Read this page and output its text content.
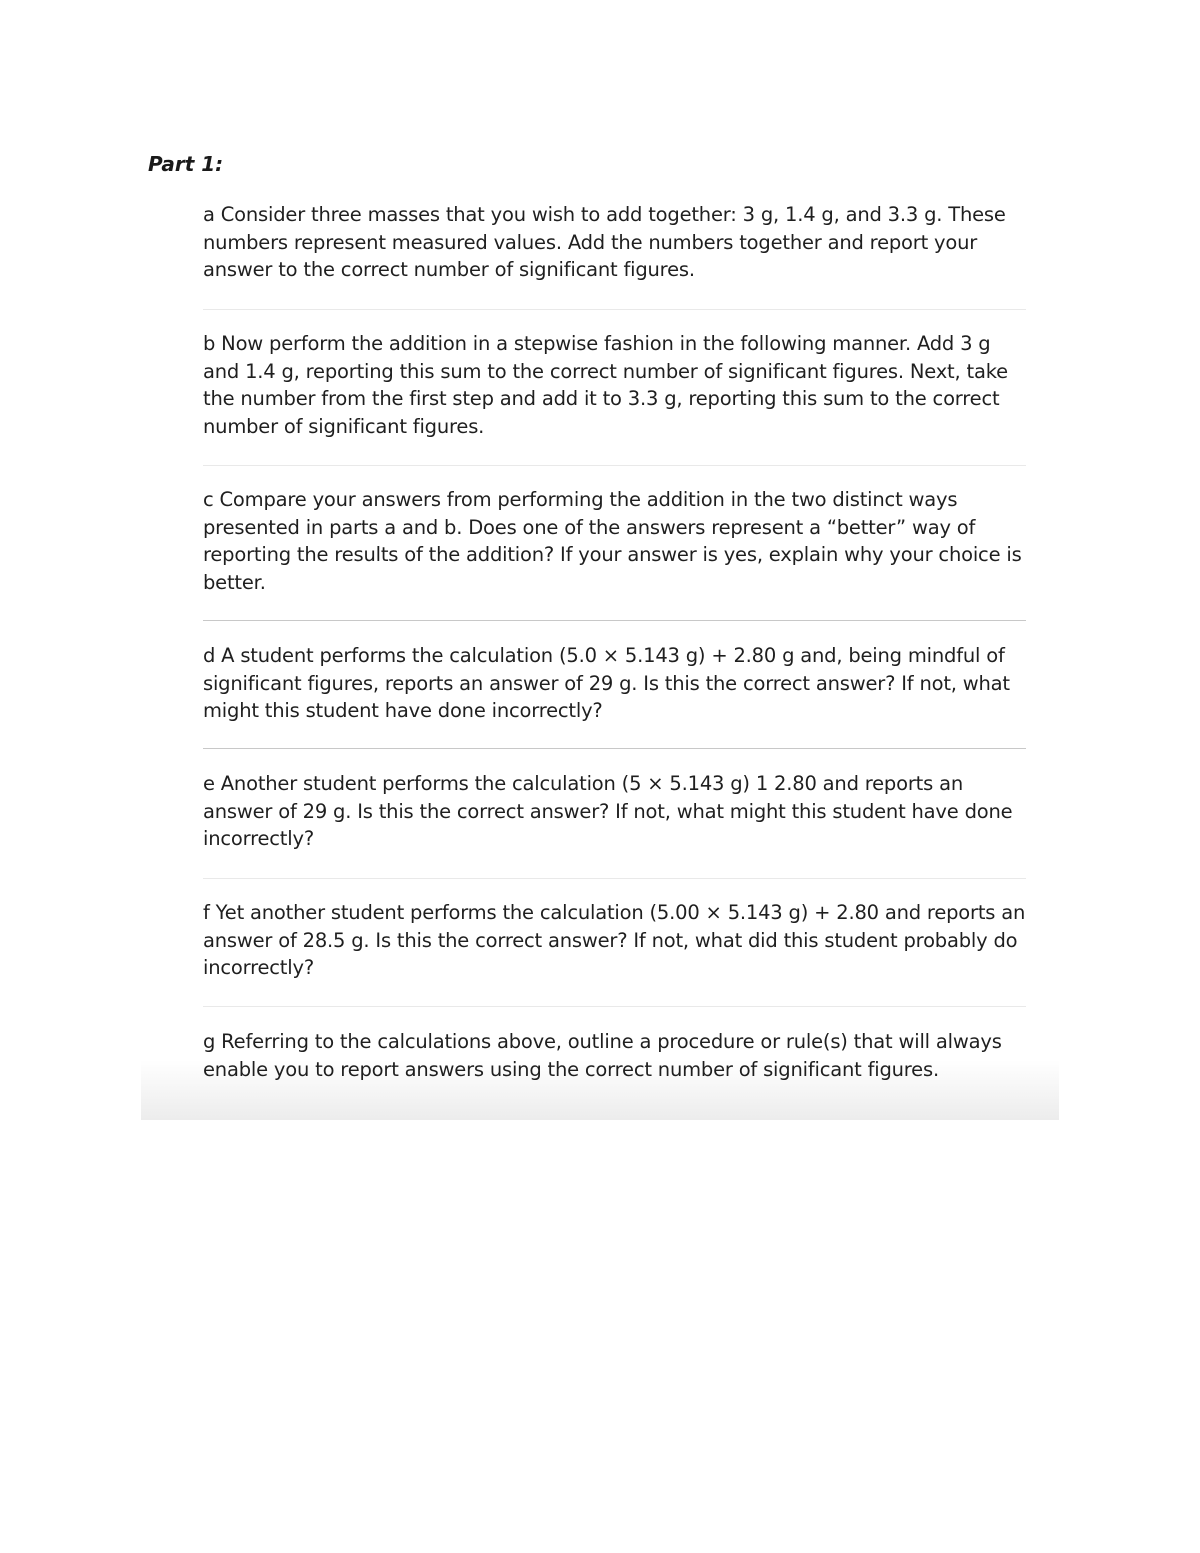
Part 1:

a Consider three masses that you wish to add together: 3 g, 1.4 g, and 3.3 g. These numbers represent measured values. Add the numbers together and report your answer to the correct number of significant figures.

b Now perform the addition in a stepwise fashion in the following manner. Add 3 g and 1.4 g, reporting this sum to the correct number of significant figures. Next, take the number from the first step and add it to 3.3 g, reporting this sum to the correct number of significant figures.

c Compare your answers from performing the addition in the two distinct ways presented in parts a and b. Does one of the answers represent a “better” way of reporting the results of the addition? If your answer is yes, explain why your choice is better.

d A student performs the calculation (5.0 × 5.143 g) + 2.80 g and, being mindful of significant figures, reports an answer of 29 g. Is this the correct answer? If not, what might this student have done incorrectly?

e Another student performs the calculation (5 × 5.143 g) 1 2.80 and reports an answer of 29 g. Is this the correct answer? If not, what might this student have done incorrectly?

f Yet another student performs the calculation (5.00 × 5.143 g) + 2.80 and reports an answer of 28.5 g. Is this the correct answer? If not, what did this student probably do incorrectly?

g Referring to the calculations above, outline a procedure or rule(s) that will always enable you to report answers using the correct number of significant figures.
